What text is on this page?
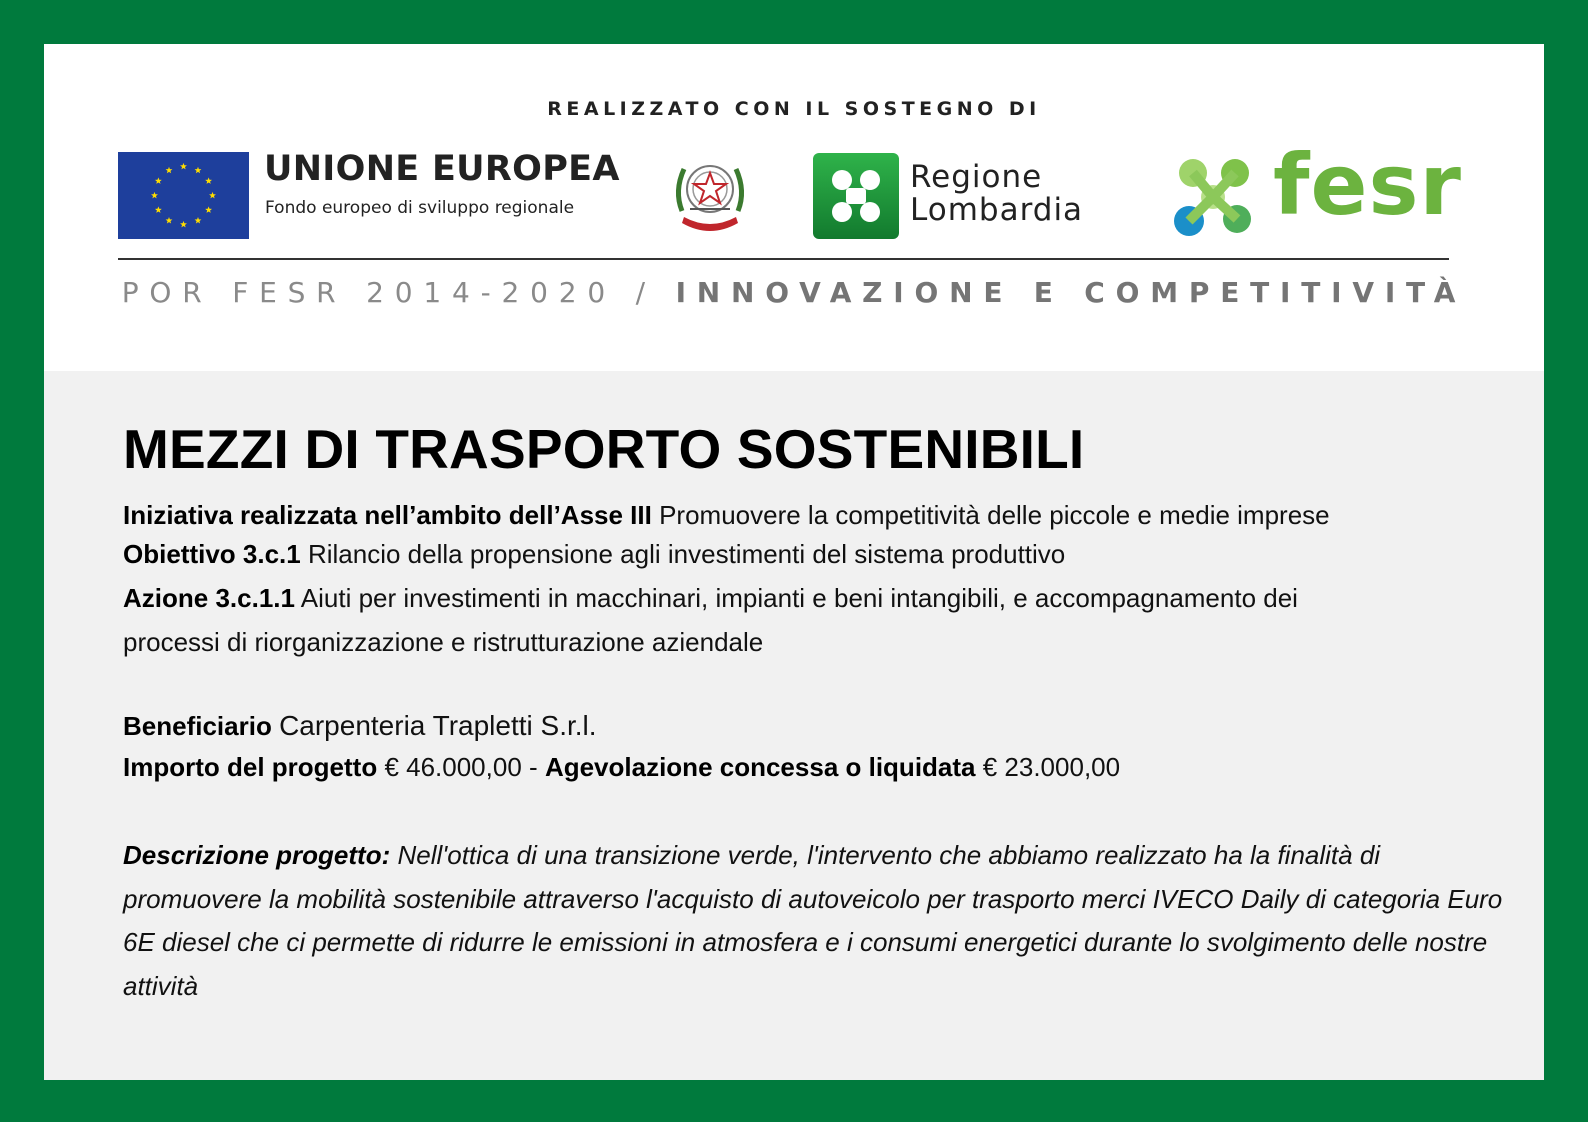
REALIZZATO CON IL SOSTEGNO DI
UNIONE EUROPEA
Fondo europeo di sviluppo regionale
Regione
Lombardia fesr
POR FESR 2014-2020 / INNOVAZIONE E COMPETITIVITÀ
MEZZI DI TRASPORTO SOSTENIBILI
Iniziativa realizzata nell’ambito dell’Asse III Promuovere la competitività delle piccole e medie imprese
Obiettivo 3.c.1 Rilancio della propensione agli investimenti del sistema produttivo
Azione 3.c.1.1 Aiuti per investimenti in macchinari, impianti e beni intangibili, e accompagnamento dei
processi di riorganizzazione e ristrutturazione aziendale
Beneficiario Carpenteria Trapletti S.r.l.
Importo del progetto € 46.000,00 - Agevolazione concessa o liquidata € 23.000,00
Descrizione progetto: Nell'ottica di una transizione verde, l'intervento che abbiamo realizzato ha la finalità di promuovere la mobilità sostenibile attraverso l'acquisto di autoveicolo per trasporto merci IVECO Daily di categoria Euro 6E diesel che ci permette di ridurre le emissioni in atmosfera e i consumi energetici durante lo svolgimento delle nostre attività
